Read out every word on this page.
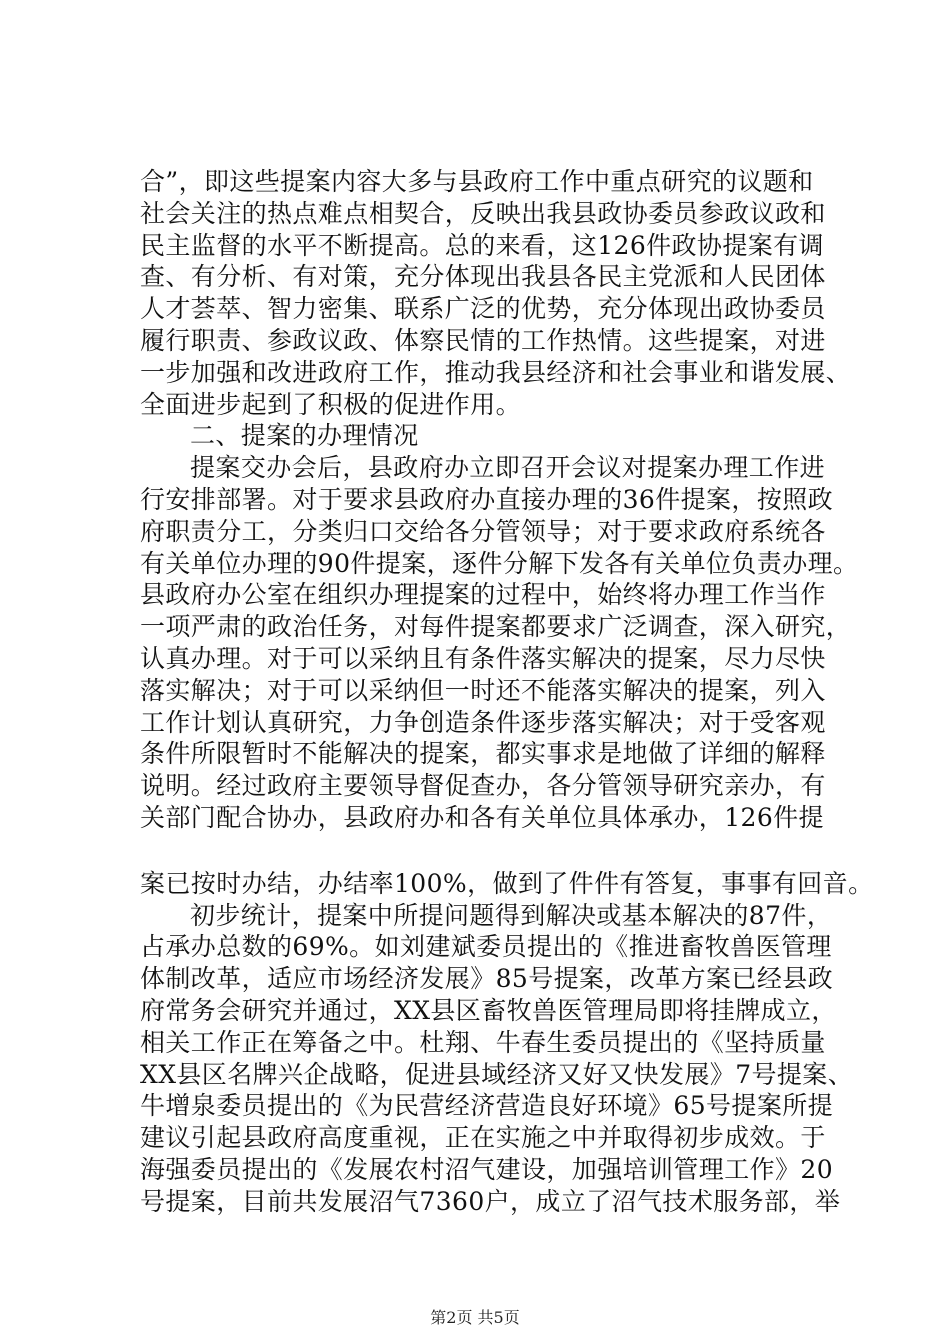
合”，即这些提案内容大多与县政府工作中重点研究的议题和
社会关注的热点难点相契合，反映出我县政协委员参政议政和
民主监督的水平不断提高。总的来看，这126件政协提案有调
查、有分析、有对策，充分体现出我县各民主党派和人民团体
人才荟萃、智力密集、联系广泛的优势，充分体现出政协委员
履行职责、参政议政、体察民情的工作热情。这些提案，对进
一步加强和改进政府工作，推动我县经济和社会事业和谐发展、
全面进步起到了积极的促进作用。
二、提案的办理情况
提案交办会后，县政府办立即召开会议对提案办理工作进
行安排部署。对于要求县政府办直接办理的36件提案，按照政
府职责分工，分类归口交给各分管领导；对于要求政府系统各
有关单位办理的90件提案，逐件分解下发各有关单位负责办理。
县政府办公室在组织办理提案的过程中，始终将办理工作当作
一项严肃的政治任务，对每件提案都要求广泛调查，深入研究，
认真办理。对于可以采纳且有条件落实解决的提案，尽力尽快
落实解决；对于可以采纳但一时还不能落实解决的提案，列入
工作计划认真研究，力争创造条件逐步落实解决；对于受客观
条件所限暂时不能解决的提案，都实事求是地做了详细的解释
说明。经过政府主要领导督促查办，各分管领导研究亲办，有
关部门配合协办，县政府办和各有关单位具体承办，126件提
案已按时办结，办结率100%，做到了件件有答复，事事有回音。
初步统计，提案中所提问题得到解决或基本解决的87件，
占承办总数的69%。如刘建斌委员提出的《推进畜牧兽医管理
体制改革，适应市场经济发展》85号提案，改革方案已经县政
府常务会研究并通过，XX县区畜牧兽医管理局即将挂牌成立，
相关工作正在筹备之中。杜翔、牛春生委员提出的《坚持质量
XX县区名牌兴企战略，促进县域经济又好又快发展》7号提案、
牛增泉委员提出的《为民营经济营造良好环境》65号提案所提
建议引起县政府高度重视，正在实施之中并取得初步成效。于
海强委员提出的《发展农村沼气建设，加强培训管理工作》20
号提案，目前共发展沼气7360户，成立了沼气技术服务部，举
第2页 共5页
